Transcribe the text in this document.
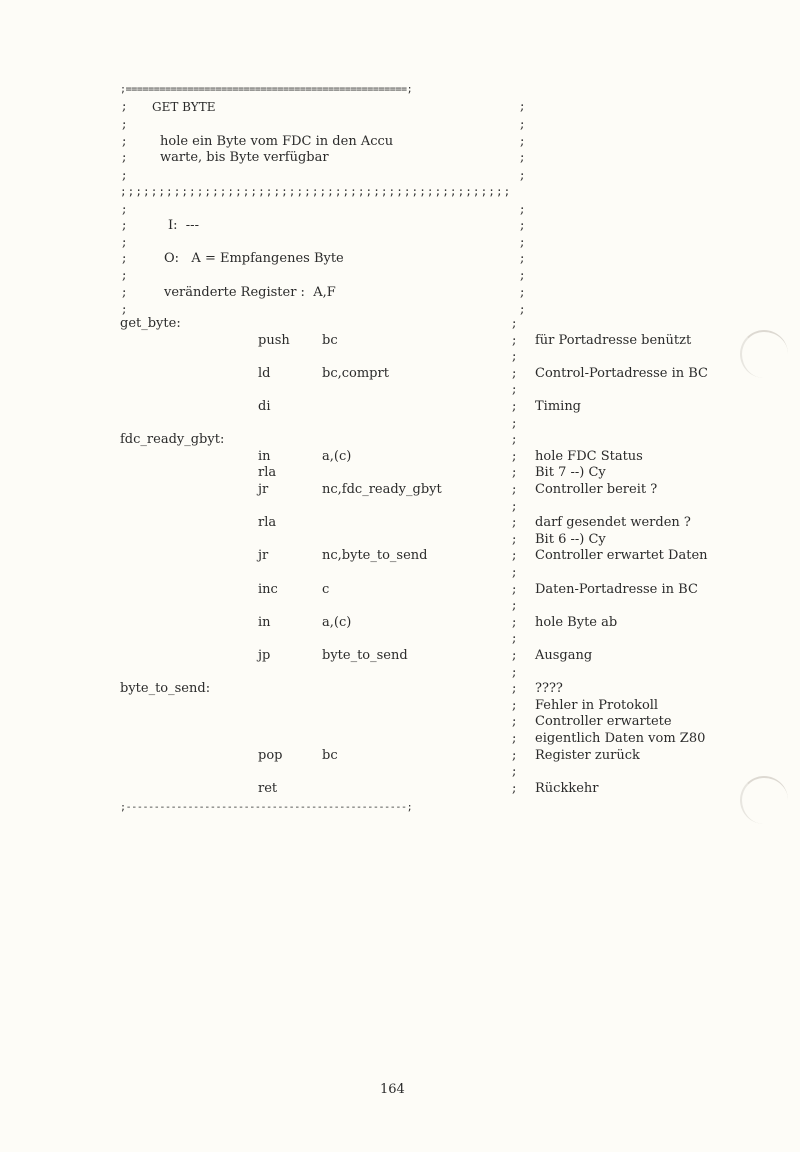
;==================================================;
; GET BYTE	;
;	;
;	hole ein Byte vom FDC in den Accu	;
;	warte, bis Byte verfügbar	;
;	;
;;;;;;;;;;;;;;;;;;;;;;;;;;;;;;;;;;;;;;;;;;;;;;;;;;;
;	;
;	I:  ---	;
;	;
;	O:   A = Empfangenes Byte	;
;	;
;	veränderte Register :  A,F	;
;	;
get_byte:	;
push bc	; für Portadresse benützt
;
ld	bc,comprt	; Control-Portadresse in BC
;
di	; Timing
;
fdc_ready_gbyt:	;
in	a,(c)	; hole FDC Status
rla	; Bit 7 --) Cy
jr	nc,fdc_ready_gbyt	; Controller bereit ?
;
rla	; darf gesendet werden ?
; Bit 6 --) Cy
jr	nc,byte_to_send	; Controller erwartet Daten
;
inc	c	; Daten-Portadresse in BC
;
in	a,(c)	; hole Byte ab
;
jp	byte_to_send	; Ausgang
;
byte_to_send:	; ????
; Fehler in Protokoll
; Controller erwartete
; eigentlich Daten vom Z80
pop	bc	; Register zurück
;
ret	; Rückkehr
;--------------------------------------------------;
164
